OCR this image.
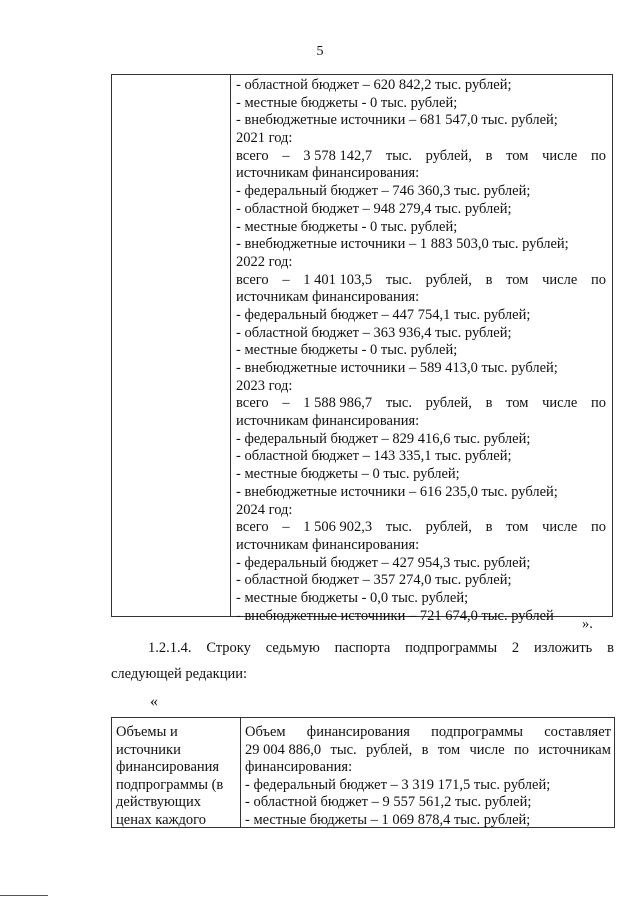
5
- областной бюджет – 620 842,2 тыс. рублей;
- местные бюджеты - 0 тыс. рублей;
- внебюджетные источники – 681 547,0 тыс. рублей;
2021 год:
всего – 3 578 142,7 тыс. рублей, в том числе по
источникам финансирования:
- федеральный бюджет – 746 360,3 тыс. рублей;
- областной бюджет – 948 279,4 тыс. рублей;
- местные бюджеты - 0 тыс. рублей;
- внебюджетные источники – 1 883 503,0 тыс. рублей;
2022 год:
всего – 1 401 103,5 тыс. рублей, в том числе по
источникам финансирования:
- федеральный бюджет – 447 754,1 тыс. рублей;
- областной бюджет – 363 936,4 тыс. рублей;
- местные бюджеты - 0 тыс. рублей;
- внебюджетные источники – 589 413,0 тыс. рублей;
2023 год:
всего – 1 588 986,7 тыс. рублей, в том числе по
источникам финансирования:
- федеральный бюджет – 829 416,6 тыс. рублей;
- областной бюджет – 143 335,1 тыс. рублей;
- местные бюджеты – 0 тыс. рублей;
- внебюджетные источники – 616 235,0 тыс. рублей;
2024 год:
всего – 1 506 902,3 тыс. рублей, в том числе по
источникам финансирования:
- федеральный бюджет – 427 954,3 тыс. рублей;
- областной бюджет – 357 274,0 тыс. рублей;
- местные бюджеты - 0,0 тыс. рублей;
- внебюджетные источники – 721 674,0 тыс. рублей
».
1.2.1.4. Строку седьмую паспорта подпрограммы 2 изложить в
следующей редакции:
«
Объемы и
источники
финансирования
подпрограммы (в
действующих
ценах каждого
Объем финансирования подпрограммы составляет
29 004 886,0 тыс. рублей, в том числе по источникам
финансирования:
- федеральный бюджет – 3 319 171,5 тыс. рублей;
- областной бюджет – 9 557 561,2 тыс. рублей;
- местные бюджеты – 1 069 878,4 тыс. рублей;
